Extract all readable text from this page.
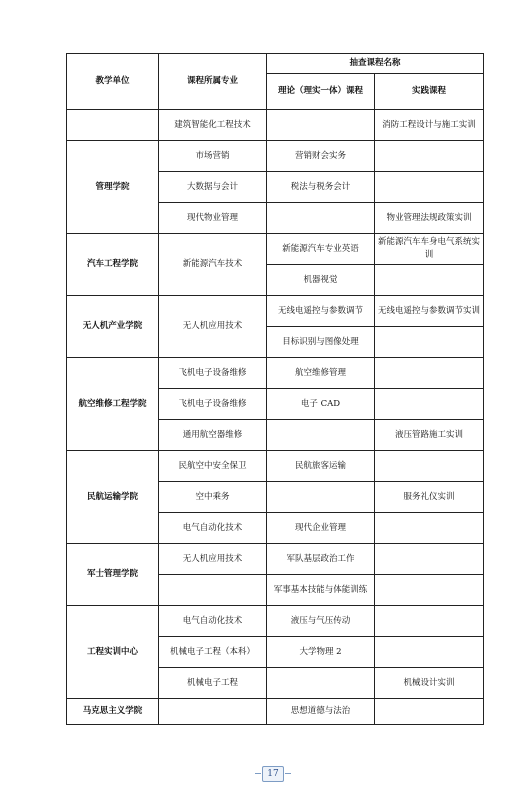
教学单位	课程所属专业	抽查课程名称	
		理论（理实一体）课程	实践课程
	建筑智能化工程技术		消防工程设计与施工实训
管理学院	市场营销	营销财会实务	
	大数据与会计	税法与税务会计	
	现代物业管理		物业管理法规政策实训
汽车工程学院	新能源汽车技术	新能源汽车专业英语	新能源汽车车身电气系统实训
		机器视觉	
无人机产业学院	无人机应用技术	无线电遥控与参数调节	无线电遥控与参数调节实训
		目标识别与图像处理	
航空维修工程学院	飞机电子设备维修	航空维修管理	
	飞机电子设备维修	电子 CAD	
	通用航空器维修		液压管路施工实训
民航运输学院	民航空中安全保卫	民航旅客运输	
	空中乘务		服务礼仪实训
	电气自动化技术	现代企业管理	
军士管理学院	无人机应用技术	军队基层政治工作	
		军事基本技能与体能训练	
工程实训中心	电气自动化技术	液压与气压传动	
	机械电子工程（本科）	大学物理 2	
	机械电子工程		机械设计实训
马克思主义学院		思想道德与法治	
17
